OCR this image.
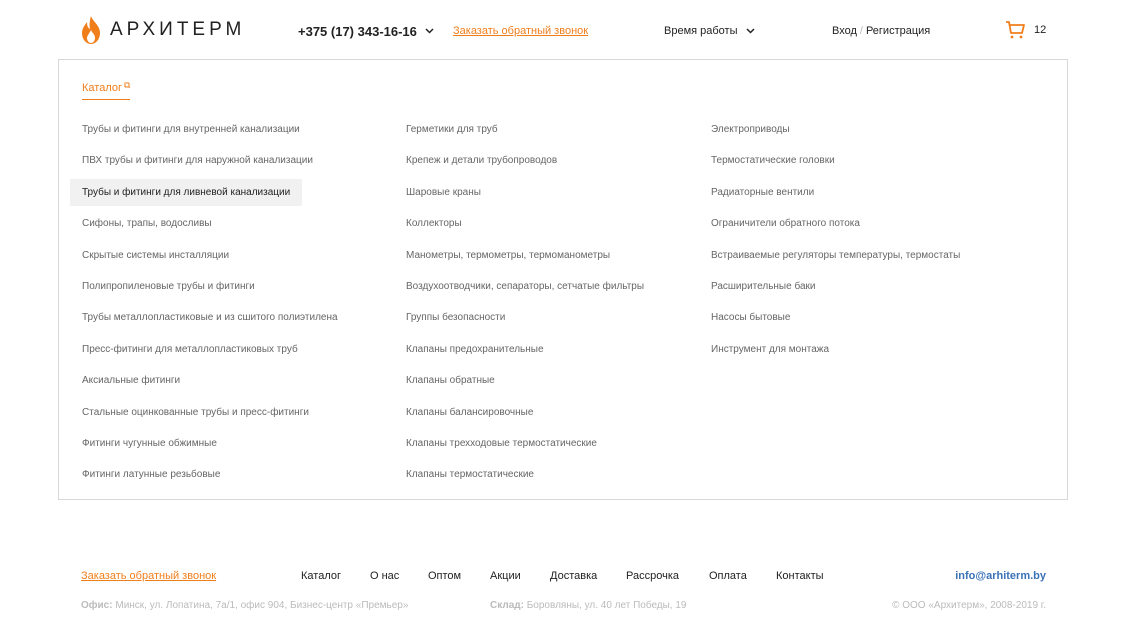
АРХИТЕРМ	+375 (17) 343-16-16	Заказать обратный звонок	Время работы	Вход / Регистрация	12
Каталог ⧉
Трубы и фитинги для внутренней канализации
ПВХ трубы и фитинги для наружной канализации
Трубы и фитинги для ливневой канализации
Сифоны, трапы, водосливы
Скрытые системы инсталляции
Полипропиленовые трубы и фитинги
Трубы металлопластиковые и из сшитого полиэтилена
Пресс-фитинги для металлопластиковых труб
Аксиальные фитинги
Стальные оцинкованные трубы и пресс-фитинги
Фитинги чугунные обжимные
Фитинги латунные резьбовые
Герметики для труб
Крепеж и детали трубопроводов
Шаровые краны
Коллекторы
Манометры, термометры, термоманометры
Воздухоотводчики, сепараторы, сетчатые фильтры
Группы безопасности
Клапаны предохранительные
Клапаны обратные
Клапаны балансировочные
Клапаны трехходовые термостатические
Клапаны термостатические
Электроприводы
Термостатические головки
Радиаторные вентили
Ограничители обратного потока
Встраиваемые регуляторы температуры, термостаты
Расширительные баки
Насосы бытовые
Инструмент для монтажа
Заказать обратный звонок	Каталог	О нас	Оптом	Акции	Доставка	Рассрочка	Оплата	Контакты	info@arhiterm.by
Офис: Минск, ул. Лопатина, 7а/1, офис 904, Бизнес-центр «Премьер»	Склад: Боровляны, ул. 40 лет Победы, 19	© ООО «Архитерм», 2008-2019 г.
